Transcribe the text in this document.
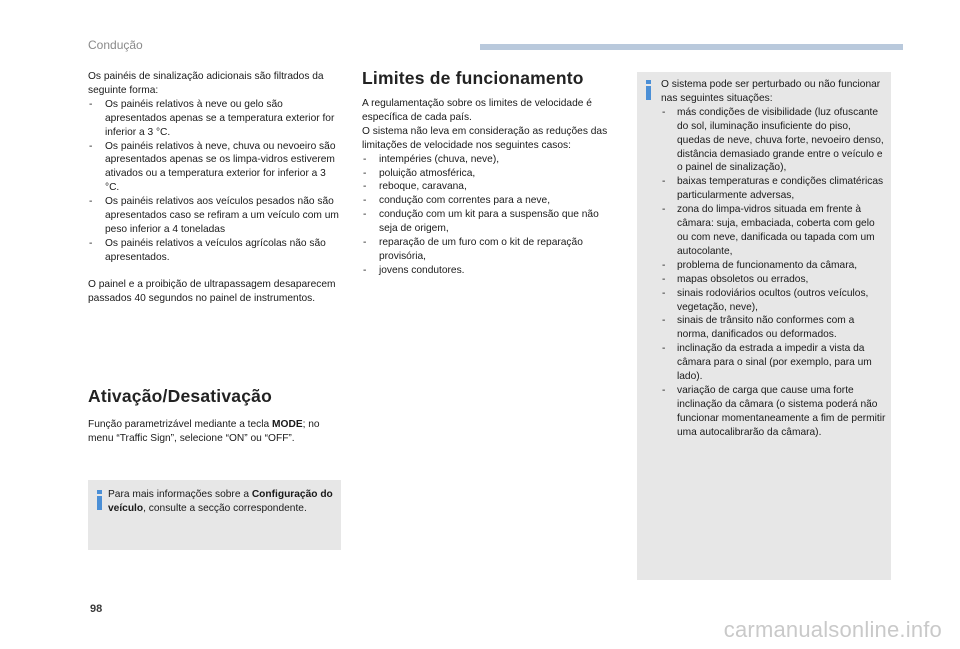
Condução

Os painéis de sinalização adicionais são filtrados da seguinte forma:

- Os painéis relativos à neve ou gelo são apresentados apenas se a temperatura exterior for inferior a 3 °C.
- Os painéis relativos à neve, chuva ou nevoeiro são apresentados apenas se os limpa-vidros estiverem ativados ou a temperatura exterior for inferior a 3 °C.
- Os painéis relativos aos veículos pesados não são apresentados caso se refiram a um veículo com um peso inferior a 4 toneladas
- Os painéis relativos a veículos agrícolas não são apresentados.

O painel e a proibição de ultrapassagem desaparecem passados 40 segundos no painel de instrumentos.

Ativação/Desativação

Função parametrizável mediante a tecla MODE; no menu “Traffic Sign”, selecione “ON” ou “OFF”.

Para mais informações sobre a Configuração do veículo, consulte a secção correspondente.
Limites de funcionamento

A regulamentação sobre os limites de velocidade é específica de cada país.

O sistema não leva em consideração as reduções das limitações de velocidade nos seguintes casos:

- intempéries (chuva, neve),
- poluição atmosférica,
- reboque, caravana,
- condução com correntes para a neve,
- condução com um kit para a suspensão que não seja de origem,
- reparação de um furo com o kit de reparação provisória,
- jovens condutores.

O sistema pode ser perturbado ou não funcionar nas seguintes situações:

- más condições de visibilidade (luz ofuscante do sol, iluminação insuficiente do piso, quedas de neve, chuva forte, nevoeiro denso, distância demasiado grande entre o veículo e o painel de sinalização),
- baixas temperaturas e condições climatéricas particularmente adversas,
- zona do limpa-vidros situada em frente à câmara: suja, embaciada, coberta com gelo ou com neve, danificada ou tapada com um autocolante,
- problema de funcionamento da câmara,
- mapas obsoletos ou errados,
- sinais rodoviários ocultos (outros veículos, vegetação, neve),
- sinais de trânsito não conformes com a norma, danificados ou deformados.
- inclinação da estrada a impedir a vista da câmara para o sinal (por exemplo, para um lado).
- variação de carga que cause uma forte inclinação da câmara (o sistema poderá não funcionar momentaneamente a fim de permitir uma autocalibrarão da câmara).
98
carmanualsonline.info
